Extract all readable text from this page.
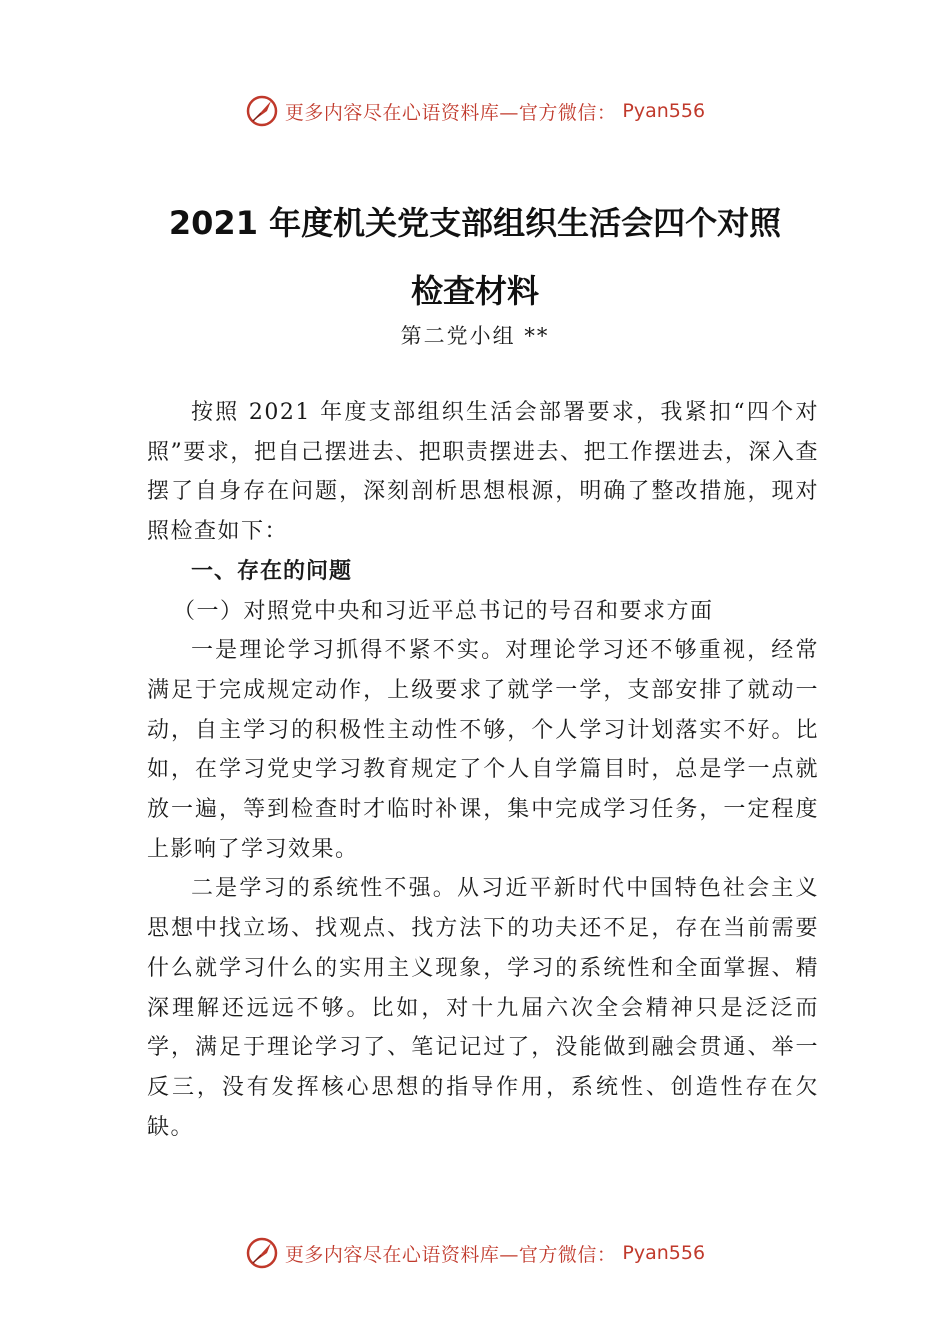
更多内容尽在心语资料库—官方微信： Pyan556
2021 年度机关党支部组织生活会四个对照
检查材料
第二党小组 **

按照 2021 年度支部组织生活会部署要求，我紧扣“四个对照”要求，把自己摆进去、把职责摆进去、把工作摆进去，深入查摆了自身存在问题，深刻剖析思想根源，明确了整改措施，现对照检查如下：

一、存在的问题
（一）对照党中央和习近平总书记的号召和要求方面

一是理论学习抓得不紧不实。对理论学习还不够重视，经常满足于完成规定动作，上级要求了就学一学，支部安排了就动一动，自主学习的积极性主动性不够，个人学习计划落实不好。比如，在学习党史学习教育规定了个人自学篇目时，总是学一点就放一遍，等到检查时才临时补课，集中完成学习任务，一定程度上影响了学习效果。

二是学习的系统性不强。从习近平新时代中国特色社会主义思想中找立场、找观点、找方法下的功夫还不足，存在当前需要什么就学习什么的实用主义现象，学习的系统性和全面掌握、精深理解还远远不够。比如，对十九届六次全会精神只是泛泛而学，满足于理论学习了、笔记记过了，没能做到融会贯通、举一反三，没有发挥核心思想的指导作用，系统性、创造性存在欠缺。

更多内容尽在心语资料库—官方微信： Pyan556
